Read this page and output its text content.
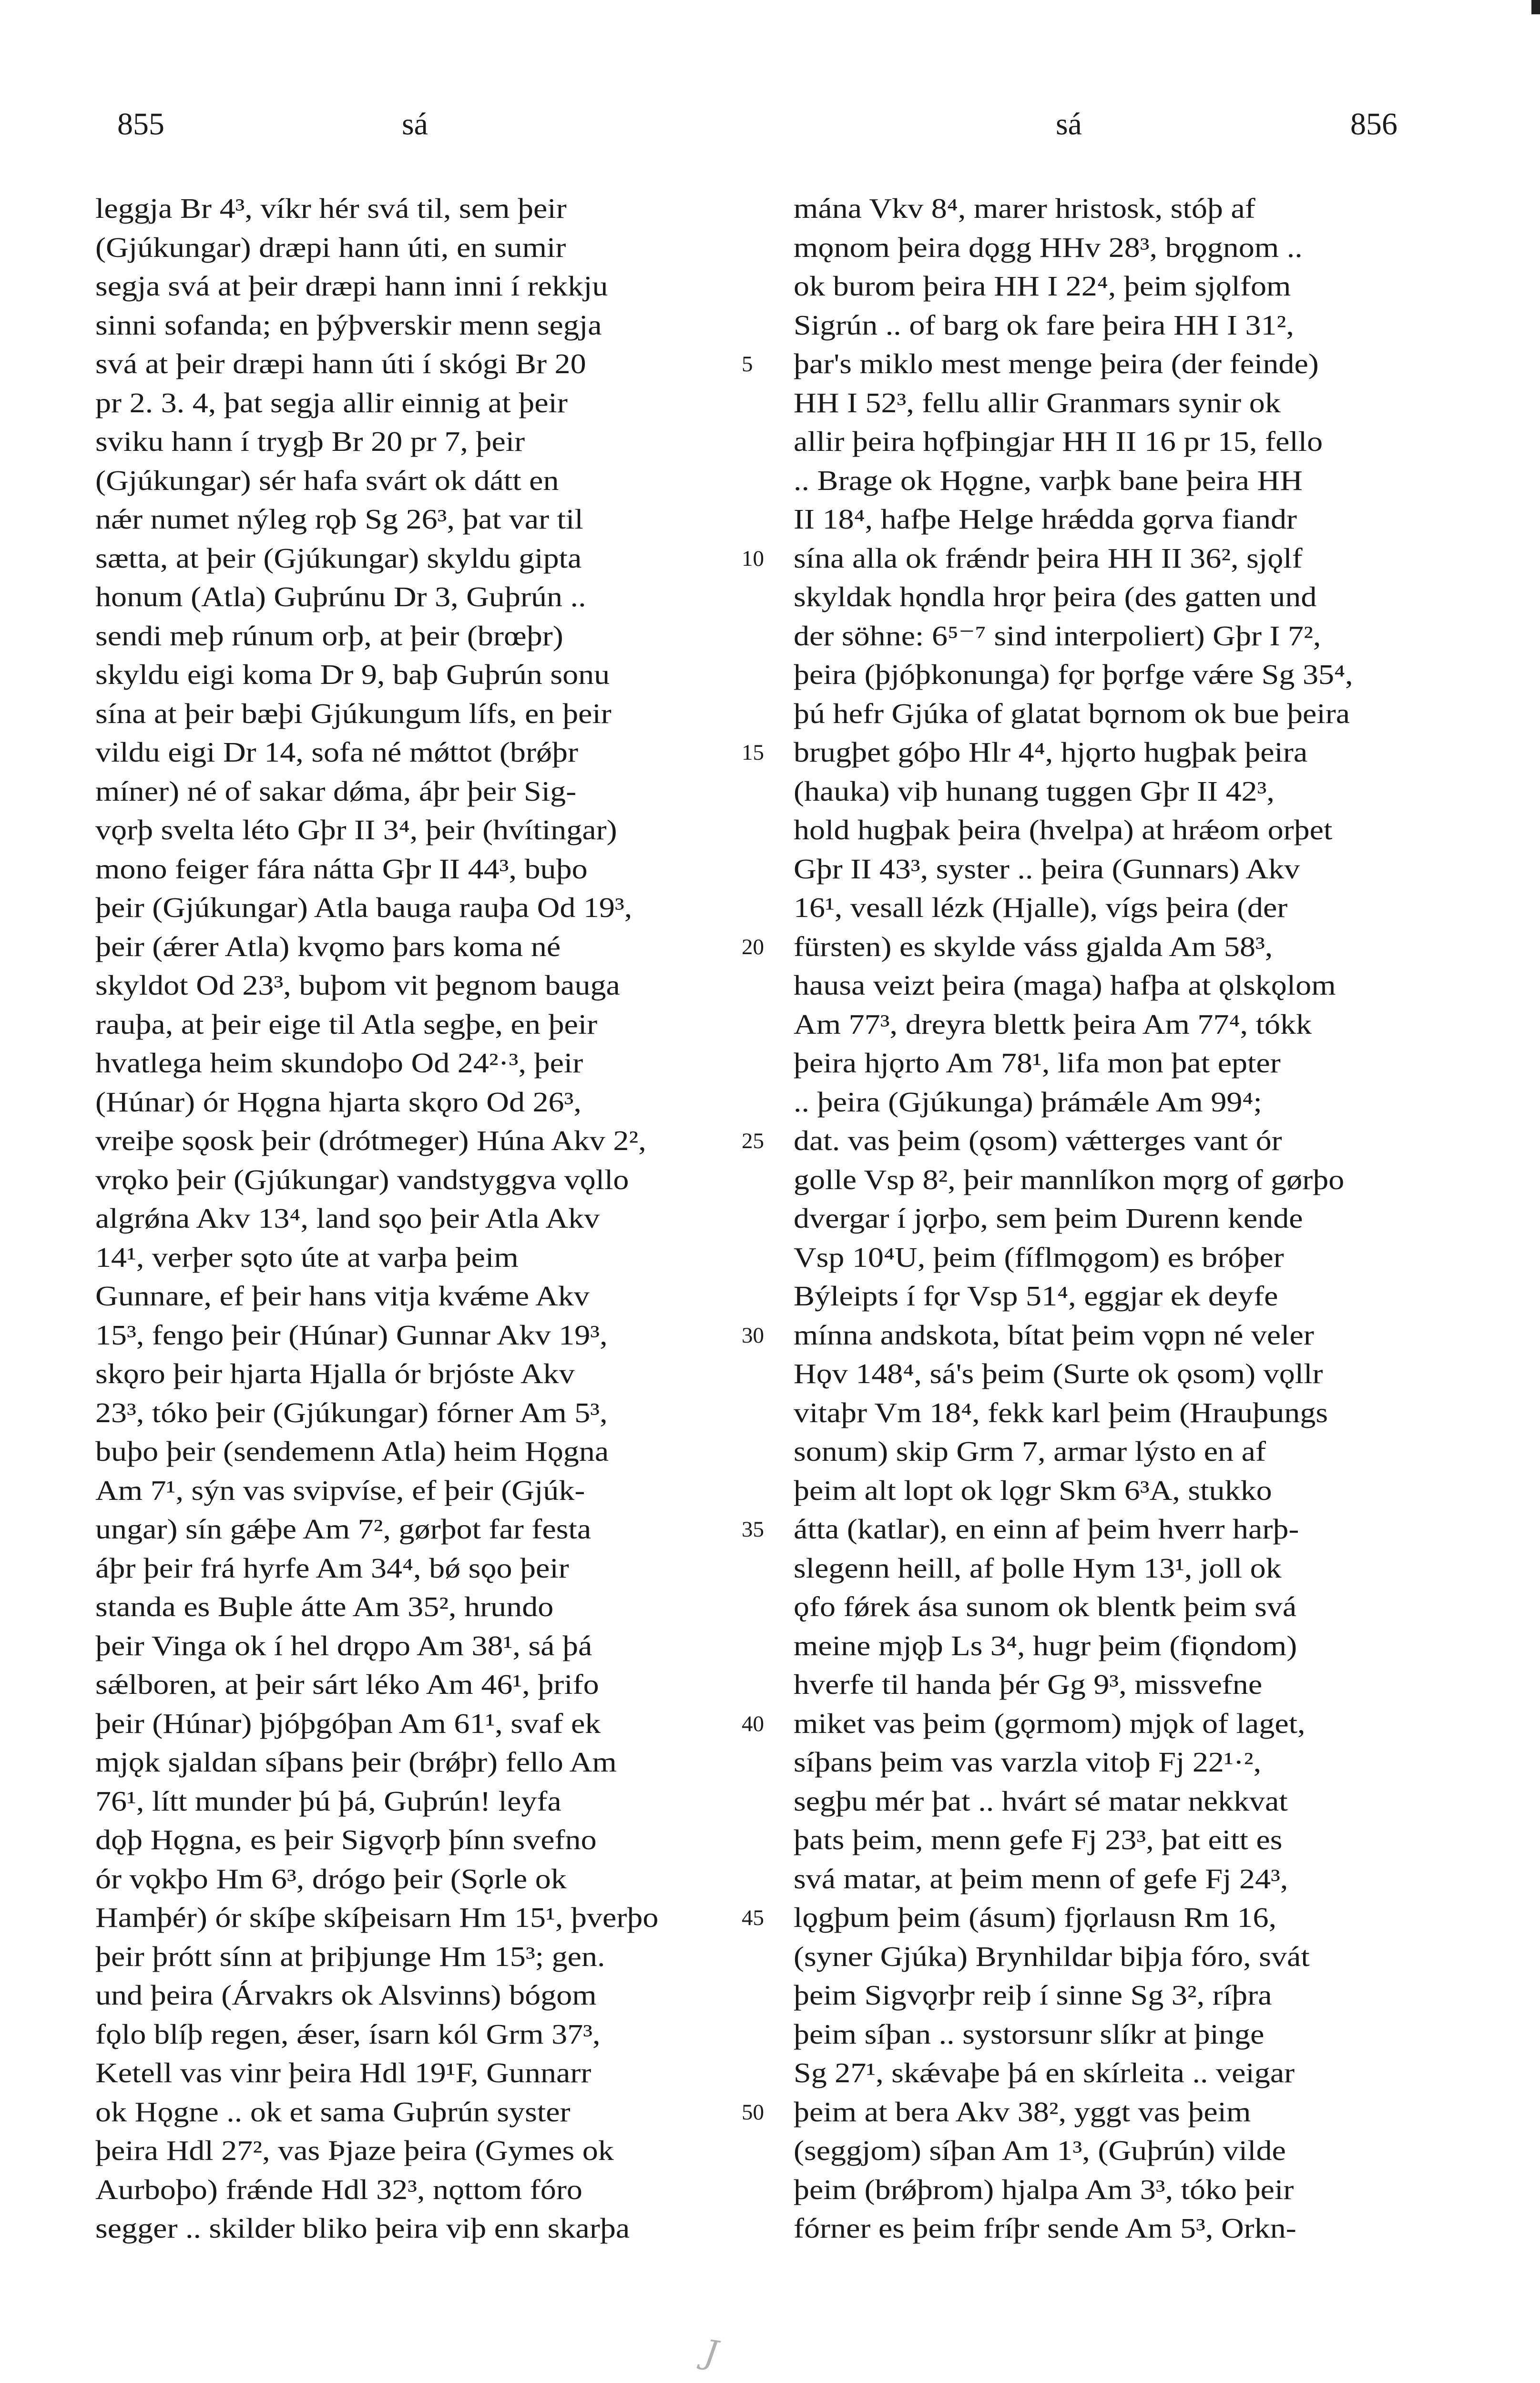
855	sá	sá	856
leggja Br 4³, víkr hér svá til, sem þeir
(Gjúkungar) dræpi hann úti, en sumir
segja svá at þeir dræpi hann inni í rekkju
sinni sofanda; en þýþverskir menn segja
svá at þeir dræpi hann úti í skógi Br 20
pr 2. 3. 4, þat segja allir einnig at þeir
sviku hann í trygþ Br 20 pr 7, þeir
(Gjúkungar) sér hafa svárt ok dátt en
nǽr numet nýleg rǫþ Sg 26³, þat var til
sætta, at þeir (Gjúkungar) skyldu gipta
honum (Atla) Guþrúnu Dr 3, Guþrún ..
sendi meþ rúnum orþ, at þeir (brœþr)
skyldu eigi koma Dr 9, baþ Guþrún sonu
sína at þeir bæþi Gjúkungum lífs, en þeir
vildu eigi Dr 14, sofa né mǿttot (brǿþr
míner) né of sakar dǿma, áþr þeir Sig-
vǫrþ svelta léto Gþr II 3⁴, þeir (hvítingar)
mono feiger fára nátta Gþr II 44³, buþo
þeir (Gjúkungar) Atla bauga rauþa Od 19³,
þeir (ǽrer Atla) kvǫmo þars koma né
skyldot Od 23³, buþom vit þegnom bauga
rauþa, at þeir eige til Atla segþe, en þeir
hvatlega heim skundoþo Od 24²·³, þeir
(Húnar) ór Hǫgna hjarta skǫro Od 26³,
vreiþe sǫosk þeir (drótmeger) Húna Akv 2²,
vrǫko þeir (Gjúkungar) vandstyggva vǫllo
algrǿna Akv 13⁴, land sǫo þeir Atla Akv
14¹, verþer sǫto úte at varþa þeim
Gunnare, ef þeir hans vitja kvǽme Akv
15³, fengo þeir (Húnar) Gunnar Akv 19³,
skǫro þeir hjarta Hjalla ór brjóste Akv
23³, tóko þeir (Gjúkungar) fórner Am 5³,
buþo þeir (sendemenn Atla) heim Hǫgna
Am 7¹, sýn vas svipvíse, ef þeir (Gjúk-
ungar) sín gǽþe Am 7², gørþot far festa
áþr þeir frá hyrfe Am 34⁴, bǿ sǫo þeir
standa es Buþle átte Am 35², hrundo
þeir Vinga ok í hel drǫpo Am 38¹, sá þá
sǽlboren, at þeir sárt léko Am 46¹, þrifo
þeir (Húnar) þjóþgóþan Am 61¹, svaf ek
mjǫk sjaldan síþans þeir (brǿþr) fello Am
76¹, lítt munder þú þá, Guþrún! leyfa
dǫþ Hǫgna, es þeir Sigvǫrþ þínn svefno
ór vǫkþo Hm 6³, drógo þeir (Sǫrle ok
Hamþér) ór skíþe skíþeisarn Hm 15¹, þverþo
þeir þrótt sínn at þriþjunge Hm 15³; gen.
und þeira (Árvakrs ok Alsvinns) bógom
fǫlo blíþ regen, ǽser, ísarn kól Grm 37³,
Ketell vas vinr þeira Hdl 19¹F, Gunnarr
ok Hǫgne .. ok et sama Guþrún syster
þeira Hdl 27², vas Þjaze þeira (Gymes ok
Aurboþo) frǽnde Hdl 32³, nǫttom fóro
segger .. skilder bliko þeira viþ enn skarþa
mána Vkv 8⁴, marer hristosk, stóþ af
mǫnom þeira dǫgg HHv 28³, brǫgnom ..
ok burom þeira HH I 22⁴, þeim sjǫlfom
Sigrún .. of barg ok fare þeira HH I 31²,
þar's miklo mest menge þeira (der feinde)
HH I 52³, fellu allir Granmars synir ok
allir þeira hǫfþingjar HH II 16 pr 15, fello
.. Brage ok Hǫgne, varþk bane þeira HH
II 18⁴, hafþe Helge hrǽdda gǫrva fiandr
sína alla ok frǽndr þeira HH II 36², sjǫlf
skyldak hǫndla hrǫr þeira (des gatten und
der söhne: 6⁵⁻⁷ sind interpoliert) Gþr I 7²,
þeira (þjóþkonunga) fǫr þǫrfge vǽre Sg 35⁴,
þú hefr Gjúka of glatat bǫrnom ok bue þeira
brugþet góþo Hlr 4⁴, hjǫrto hugþak þeira
(hauka) viþ hunang tuggen Gþr II 42³,
hold hugþak þeira (hvelpa) at hrǽom orþet
Gþr II 43³, syster .. þeira (Gunnars) Akv
16¹, vesall lézk (Hjalle), vígs þeira (der
fürsten) es skylde váss gjalda Am 58³,
hausa veizt þeira (maga) hafþa at ǫlskǫlom
Am 77³, dreyra blettk þeira Am 77⁴, tókk
þeira hjǫrto Am 78¹, lifa mon þat epter
.. þeira (Gjúkunga) þrámǽle Am 99⁴;
dat. vas þeim (ǫsom) vǽtterges vant ór
golle Vsp 8², þeir mannlíkon mǫrg of gørþo
dvergar í jǫrþo, sem þeim Durenn kende
Vsp 10⁴U, þeim (fíflmǫgom) es bróþer
Býleipts í fǫr Vsp 51⁴, eggjar ek deyfe
mínna andskota, bítat þeim vǫpn né veler
Hǫv 148⁴, sá's þeim (Surte ok ǫsom) vǫllr
vitaþr Vm 18⁴, fekk karl þeim (Hrauþungs
sonum) skip Grm 7, armar lýsto en af
þeim alt lopt ok lǫgr Skm 6³A, stukko
átta (katlar), en einn af þeim hverr harþ-
slegenn heill, af þolle Hym 13¹, joll ok
ǫfo fǿrek ása sunom ok blentk þeim svá
meine mjǫþ Ls 3⁴, hugr þeim (fiǫndom)
hverfe til handa þér Gg 9³, missvefne
miket vas þeim (gǫrmom) mjǫk of laget,
síþans þeim vas varzla vitoþ Fj 22¹·²,
segþu mér þat .. hvárt sé matar nekkvat
þats þeim, menn gefe Fj 23³, þat eitt es
svá matar, at þeim menn of gefe Fj 24³,
lǫgþum þeim (ásum) fjǫrlausn Rm 16,
(syner Gjúka) Brynhildar biþja fóro, svát
þeim Sigvǫrþr reiþ í sinne Sg 3², ríþra
þeim síþan .. systorsunr slíkr at þinge
Sg 27¹, skǽvaþe þá en skírleita .. veigar
þeim at bera Akv 38², yggt vas þeim
(seggjom) síþan Am 1³, (Guþrún) vilde
þeim (brǿþrom) hjalpa Am 3³, tóko þeir
fórner es þeim fríþr sende Am 5³, Orkn-
5
10
15
20
25
30
35
40
45
50
J
